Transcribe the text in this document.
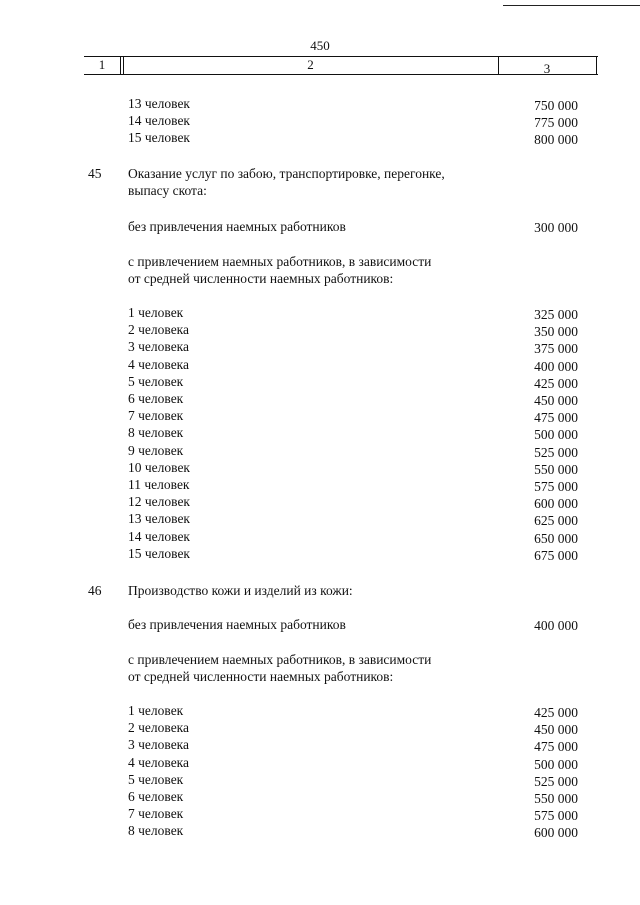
450
1	2	3
13 человек	750 000
14 человек	775 000
15 человек	800 000
45	Оказание услуг по забою, транспортировке, перегонке,
выпасу скота:
без привлечения наемных работников	300 000
с привлечением наемных работников, в зависимости
от средней численности наемных работников:
1 человек	325 000
2 человека	350 000
3 человека	375 000
4 человека	400 000
5 человек	425 000
6 человек	450 000
7 человек	475 000
8 человек	500 000
9 человек	525 000
10 человек	550 000
11 человек	575 000
12 человек	600 000
13 человек	625 000
14 человек	650 000
15 человек	675 000
46	Производство кожи и изделий из кожи:
без привлечения наемных работников	400 000
с привлечением наемных работников, в зависимости
от средней численности наемных работников:
1 человек	425 000
2 человека	450 000
3 человека	475 000
4 человека	500 000
5 человек	525 000
6 человек	550 000
7 человек	575 000
8 человек	600 000
